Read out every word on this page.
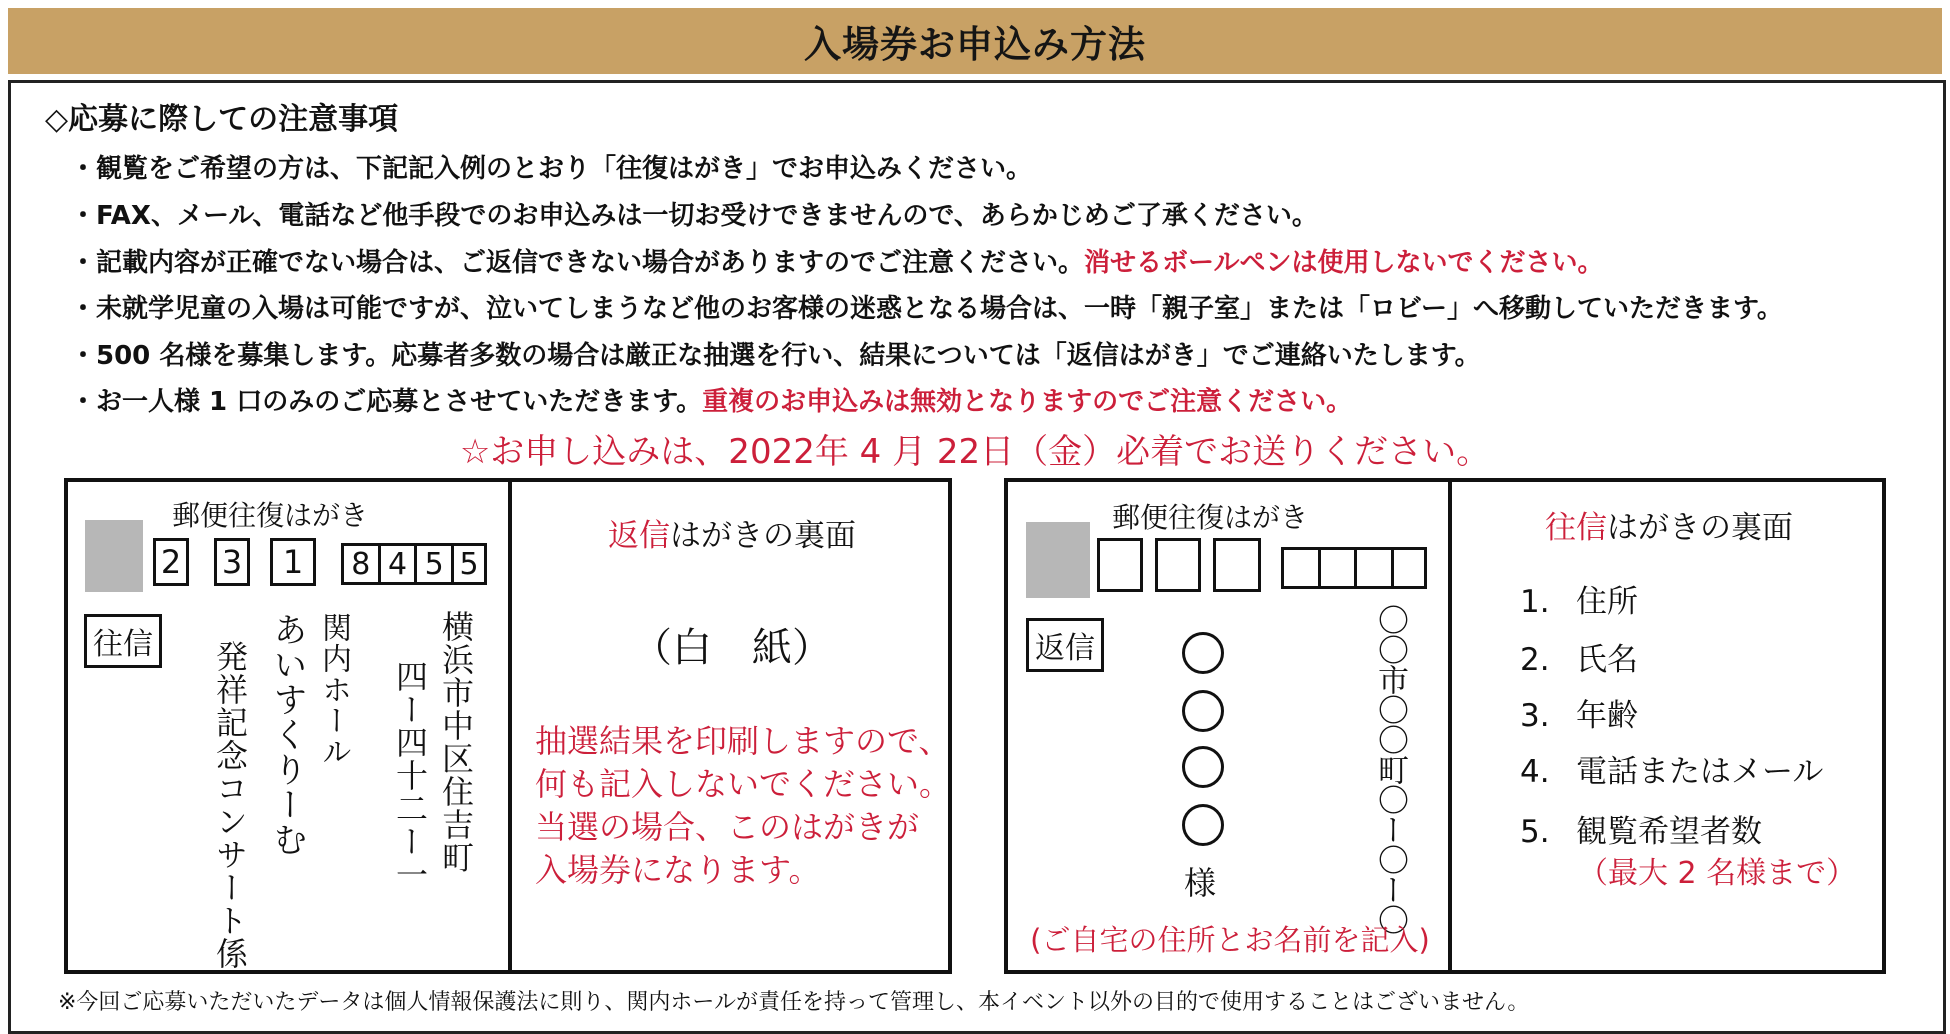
入場券お申込み方法
◇応募に際しての注意事項
・観覧をご希望の方は、下記記入例のとおり「往復はがき」でお申込みください。
・FAX、メール、電話など他手段でのお申込みは一切お受けできませんので、あらかじめご了承ください。
・記載内容が正確でない場合は、ご返信できない場合がありますのでご注意ください。消せるボールペンは使用しないでください。
・未就学児童の入場は可能ですが、泣いてしまうなど他のお客様の迷惑となる場合は、一時「親子室」または「ロビー」へ移動していただきます。
・500 名様を募集します。応募者多数の場合は厳正な抽選を行い、結果については「返信はがき」でご連絡いたします。
・お一人様 1 口のみのご応募とさせていただきます。重複のお申込みは無効となりますのでご注意ください。
☆お申し込みは、2022年 4 月 22日（金）必着でお送りください。
郵便往復はがき
2 3	1	8 4 5 5
往信	横浜市中区住吉町
四ー四十二ー一
関内ホール
あいすくりーむ
発祥記念コンサート係
返信はがきの裏面
（白　紙）
抽選結果を印刷しますので、
何も記入しないでください。
当選の場合、このはがきが
入場券になります。
郵便往復はがき
返信	〇〇市〇〇町〇ー〇ー〇
様
(ご自宅の住所とお名前を記入)
往信はがきの裏面
1. 住所
2. 氏名
3. 年齢
4. 電話またはメール
5. 観覧希望者数
（最大 2 名様まで）
※今回ご応募いただいたデータは個人情報保護法に則り、関内ホールが責任を持って管理し、本イベント以外の目的で使用することはございません。
